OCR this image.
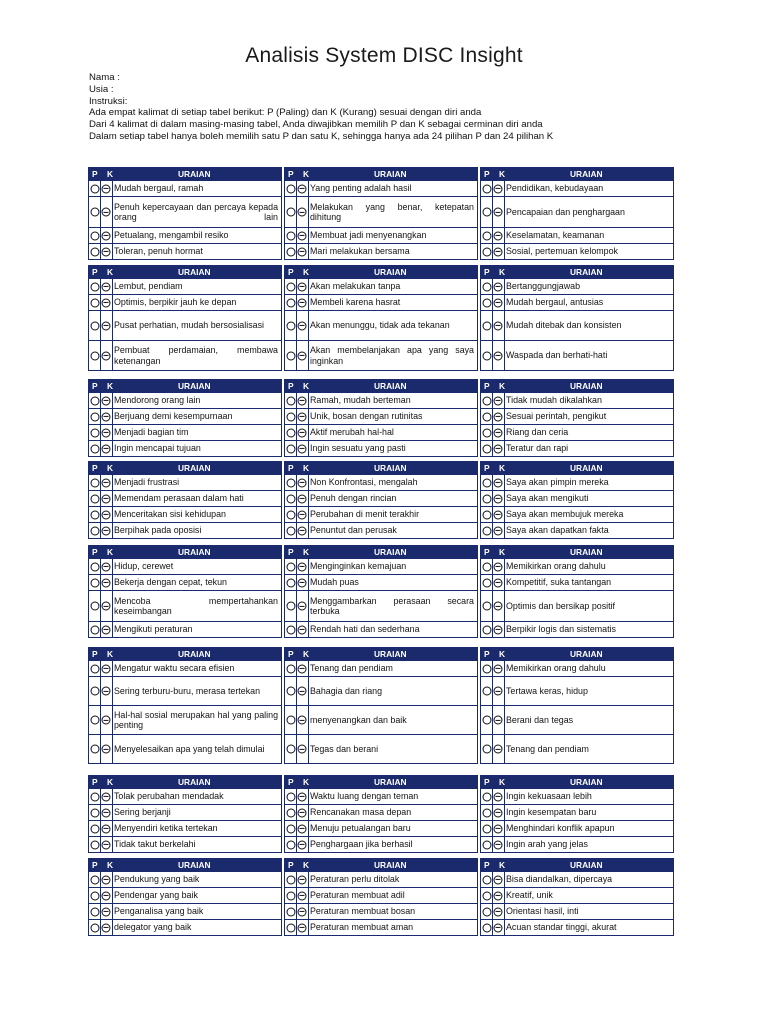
Analisis System DISC Insight
Nama :
Usia :
Instruksi:
Ada empat kalimat di setiap tabel berikut: P (Paling) dan K (Kurang) sesuai dengan diri anda
Dari 4 kalimat di dalam masing-masing tabel, Anda diwajibkan memilih P dan K sebagai cerminan diri anda
Dalam setiap tabel hanya boleh memilih satu P dan satu K, sehingga hanya ada 24 pilihan P dan 24 pilihan K
P K	URAIAN
Mudah bergaul, ramah
Penuh kepercayaan dan percaya kepada orang lain
Petualang, mengambil resiko
Toleran, penuh hormat
P K	URAIAN
Yang penting adalah hasil
Melakukan yang benar, ketepatan dihitung
Membuat jadi menyenangkan
Mari melakukan bersama
P K	URAIAN
Pendidikan, kebudayaan
Pencapaian dan penghargaan
Keselamatan, keamanan
Sosial, pertemuan kelompok
P K	URAIAN
Lembut, pendiam
Optimis, berpikir jauh ke depan
Pusat perhatian, mudah bersosialisasi
Pembuat perdamaian, membawa ketenangan
P K	URAIAN
Akan melakukan tanpa
Membeli karena hasrat
Akan menunggu, tidak ada tekanan
Akan membelanjakan apa yang saya inginkan
P K	URAIAN
Bertanggungjawab
Mudah bergaul, antusias
Mudah ditebak dan konsisten
Waspada dan berhati-hati
P K	URAIAN
Mendorong orang lain
Berjuang demi kesempurnaan
Menjadi bagian tim
Ingin mencapai tujuan
P K	URAIAN
Ramah, mudah berteman
Unik, bosan dengan rutinitas
Aktif merubah hal-hal
Ingin sesuatu yang pasti
P K	URAIAN
Tidak mudah dikalahkan
Sesuai perintah, pengikut
Riang dan ceria
Teratur dan rapi
P K	URAIAN
Menjadi frustrasi
Memendam perasaan dalam hati
Menceritakan sisi kehidupan
Berpihak pada oposisi
P K	URAIAN
Non Konfrontasi, mengalah
Penuh dengan rincian
Perubahan di menit terakhir
Penuntut dan perusak
P K	URAIAN
Saya akan pimpin mereka
Saya akan mengikuti
Saya akan membujuk mereka
Saya akan dapatkan fakta
P K	URAIAN
Hidup, cerewet
Bekerja dengan cepat, tekun
Mencoba mempertahankan keseimbangan
Mengikuti peraturan
P K	URAIAN
Menginginkan kemajuan
Mudah puas
Menggambarkan perasaan secara terbuka
Rendah hati dan sederhana
P K	URAIAN
Memikirkan orang dahulu
Kompetitif, suka tantangan
Optimis dan bersikap positif
Berpikir logis dan sistematis
P K	URAIAN
Mengatur waktu secara efisien
Sering terburu-buru, merasa tertekan
Hal-hal sosial merupakan hal yang paling penting
Menyelesaikan apa yang telah dimulai
P K	URAIAN
Tenang dan pendiam
Bahagia dan riang
menyenangkan dan baik
Tegas dan berani
P K	URAIAN
Memikirkan orang dahulu
Tertawa keras, hidup
Berani dan tegas
Tenang dan pendiam
P K	URAIAN
Tolak perubahan mendadak
Sering berjanji
Menyendiri ketika tertekan
Tidak takut berkelahi
P K	URAIAN
Waktu luang dengan teman
Rencanakan masa depan
Menuju petualangan baru
Penghargaan jika berhasil
P K	URAIAN
Ingin kekuasaan lebih
Ingin kesempatan baru
Menghindari konflik apapun
Ingin arah yang jelas
P K	URAIAN
Pendukung yang baik
Pendengar yang baik
Penganalisa yang baik
delegator yang baik
P K	URAIAN
Peraturan perlu ditolak
Peraturan membuat adil
Peraturan membuat bosan
Peraturan membuat aman
P K	URAIAN
Bisa diandalkan, dipercaya
Kreatif, unik
Orientasi hasil, inti
Acuan standar tinggi, akurat
